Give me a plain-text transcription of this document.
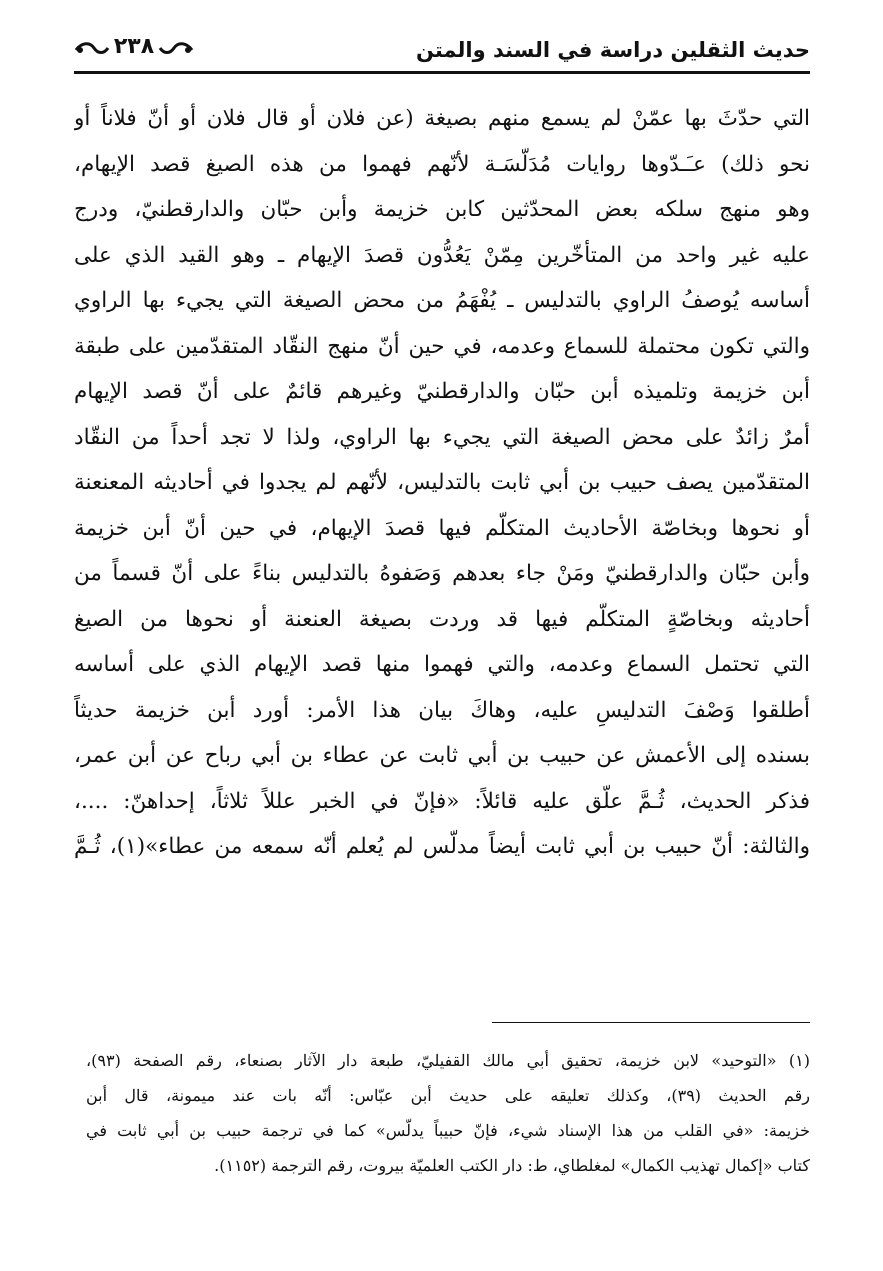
حديث الثقلين دراسة في السند والمتن
٢٣٨
التي حدّثَ بها عمّنْ لم يسمع منهم بصيغة (عن فلان أو قال فلان أو أنّ فلاناً أو
نحو ذلك) عـَـدّوها روايات مُدَلّسَـة لأنّهم فهموا من هذه الصيغ قصد الإيهام،
وهو منهج سلكه بعض المحدّثين كابن خزيمة وأبن حبّان والدارقطنيّ، ودرج
عليه غير واحد من المتأخّرين مِمّنْ يَعُدُّون قصدَ الإيهام ـ وهو القيد الذي على
أساسه يُوصفُ الراوي بالتدليس ـ يُفْهَمُ من محض الصيغة التي يجيء بها الراوي
والتي تكون محتملة للسماع وعدمه، في حين أنّ منهج النقّاد المتقدّمين على طبقة
أبن خزيمة وتلميذه أبن حبّان والدارقطنيّ وغيرهم قائمٌ على أنّ قصد الإيهام
أمرٌ زائدٌ على محض الصيغة التي يجيء بها الراوي، ولذا لا تجد أحداً من النقّاد
المتقدّمين يصف حبيب بن أبي ثابت بالتدليس، لأنّهم لم يجدوا في أحاديثه المعنعنة
أو نحوها وبخاصّة الأحاديث المتكلّم فيها قصدَ الإيهام، في حين أنّ أبن خزيمة
وأبن حبّان والدارقطنيّ ومَنْ جاء بعدهم وَصَفوهُ بالتدليس بناءً على أنّ قسماً من
أحاديثه وبخاصّةٍ المتكلّم فيها قد وردت بصيغة العنعنة أو نحوها من الصيغ
التي تحتمل السماع وعدمه، والتي فهموا منها قصد الإيهام الذي على أساسه
أطلقوا وَصْفَ التدليسِ عليه، وهاكَ بيان هذا الأمر: أورد أبن خزيمة حديثاً
بسنده إلى الأعمش عن حبيب بن أبي ثابت عن عطاء بن أبي رباح عن أبن عمر،
فذكر الحديث، ثُـمَّ علّق عليه قائلاً: «فإنّ في الخبر عللاً ثلاثاً، إحداهنّ: ....،
والثالثة: أنّ حبيب بن أبي ثابت أيضاً مدلّس لم يُعلم أنّه سمعه من عطاء»(١)، ثُـمَّ
(١) «التوحيد» لابن خزيمة، تحقيق أبي مالك القفيليّ، طبعة دار الآثار بصنعاء، رقم الصفحة (٩٣)،
رقم الحديث (٣٩)، وكذلك تعليقه على حديث أبن عبّاس: أنّه بات عند ميمونة، قال أبن
خزيمة: «في القلب من هذا الإسناد شيء، فإنّ حبيباً يدلّس» كما في ترجمة حبيب بن أبي ثابت في
كتاب «إكمال تهذيب الكمال» لمغلطاي، ط: دار الكتب العلميّة بيروت، رقم الترجمة (١١٥٢).
